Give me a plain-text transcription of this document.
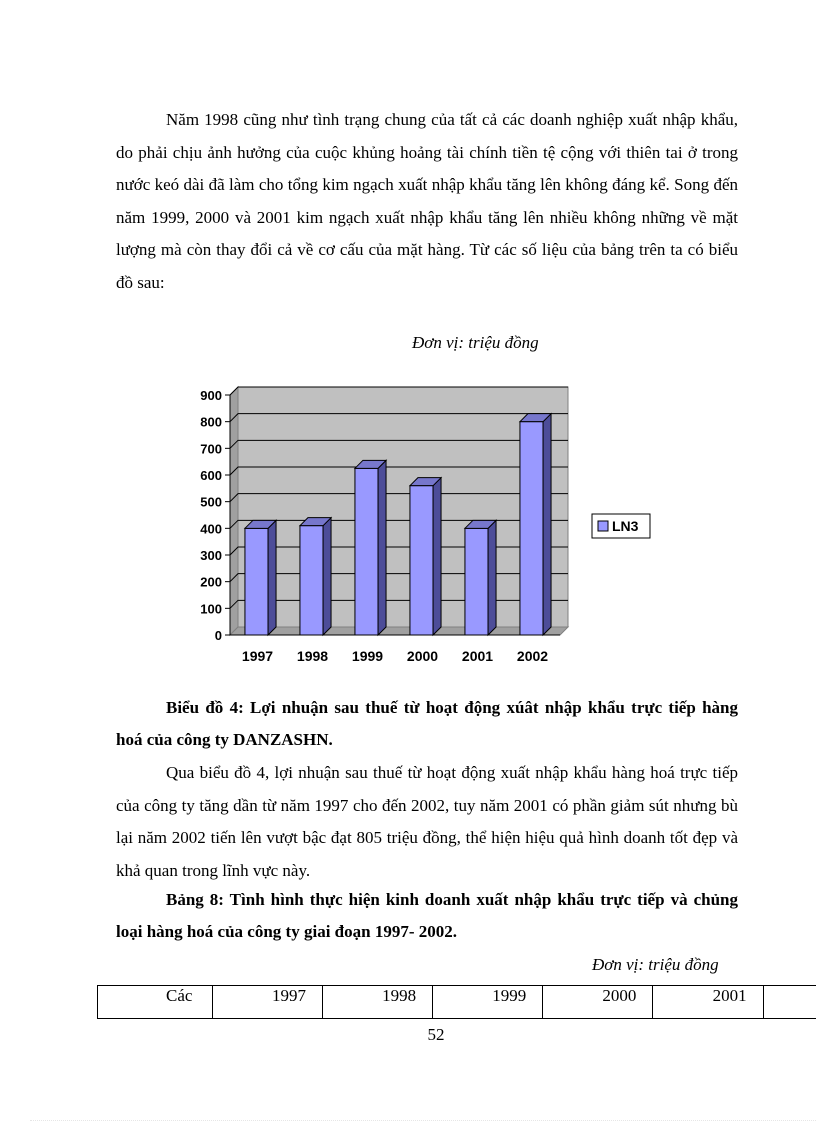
Năm 1998 cũng như tình trạng chung của tất cả các doanh nghiệp xuất nhập khẩu, do phải chịu ảnh hưởng của cuộc khủng hoảng tài chính tiền tệ cộng với thiên tai ở trong nước keó dài đã làm cho tổng kim ngạch xuất nhập khẩu tăng lên không đáng kể. Song đến năm 1999, 2000 và 2001 kim ngạch xuất nhập khẩu tăng lên nhiều không những về mặt lượng mà còn thay đổi cả về cơ cấu của mặt hàng. Từ các số liệu của bảng trên ta có biểu đồ sau:

Đơn vị: triệu đồng

0
100
200
300
400
500
600
700
800
900
1997 1998 1999 2000 2001 2002
LN3

Biểu đồ 4: Lợi nhuận sau thuế từ hoạt động xúât nhập khẩu trực tiếp hàng hoá của công ty DANZASHN.

Qua biểu đồ 4, lợi nhuận sau thuế từ hoạt động xuất nhập khẩu hàng hoá trực tiếp của công ty tăng dần từ năm 1997 cho đến 2002, tuy năm 2001 có phần giảm sút nhưng bù lại năm 2002 tiến lên vượt bậc đạt 805 triệu đồng, thể hiện hiệu quả hình doanh tốt đẹp và khả quan trong lĩnh vực này.

Bảng 8: Tình hình thực hiện kinh doanh xuất nhập khẩu trực tiếp và chủng loại hàng hoá của công ty giai đoạn 1997- 2002.

Đơn vị: triệu đồng

Các	1997	1998	1999	2000	2001	

52
